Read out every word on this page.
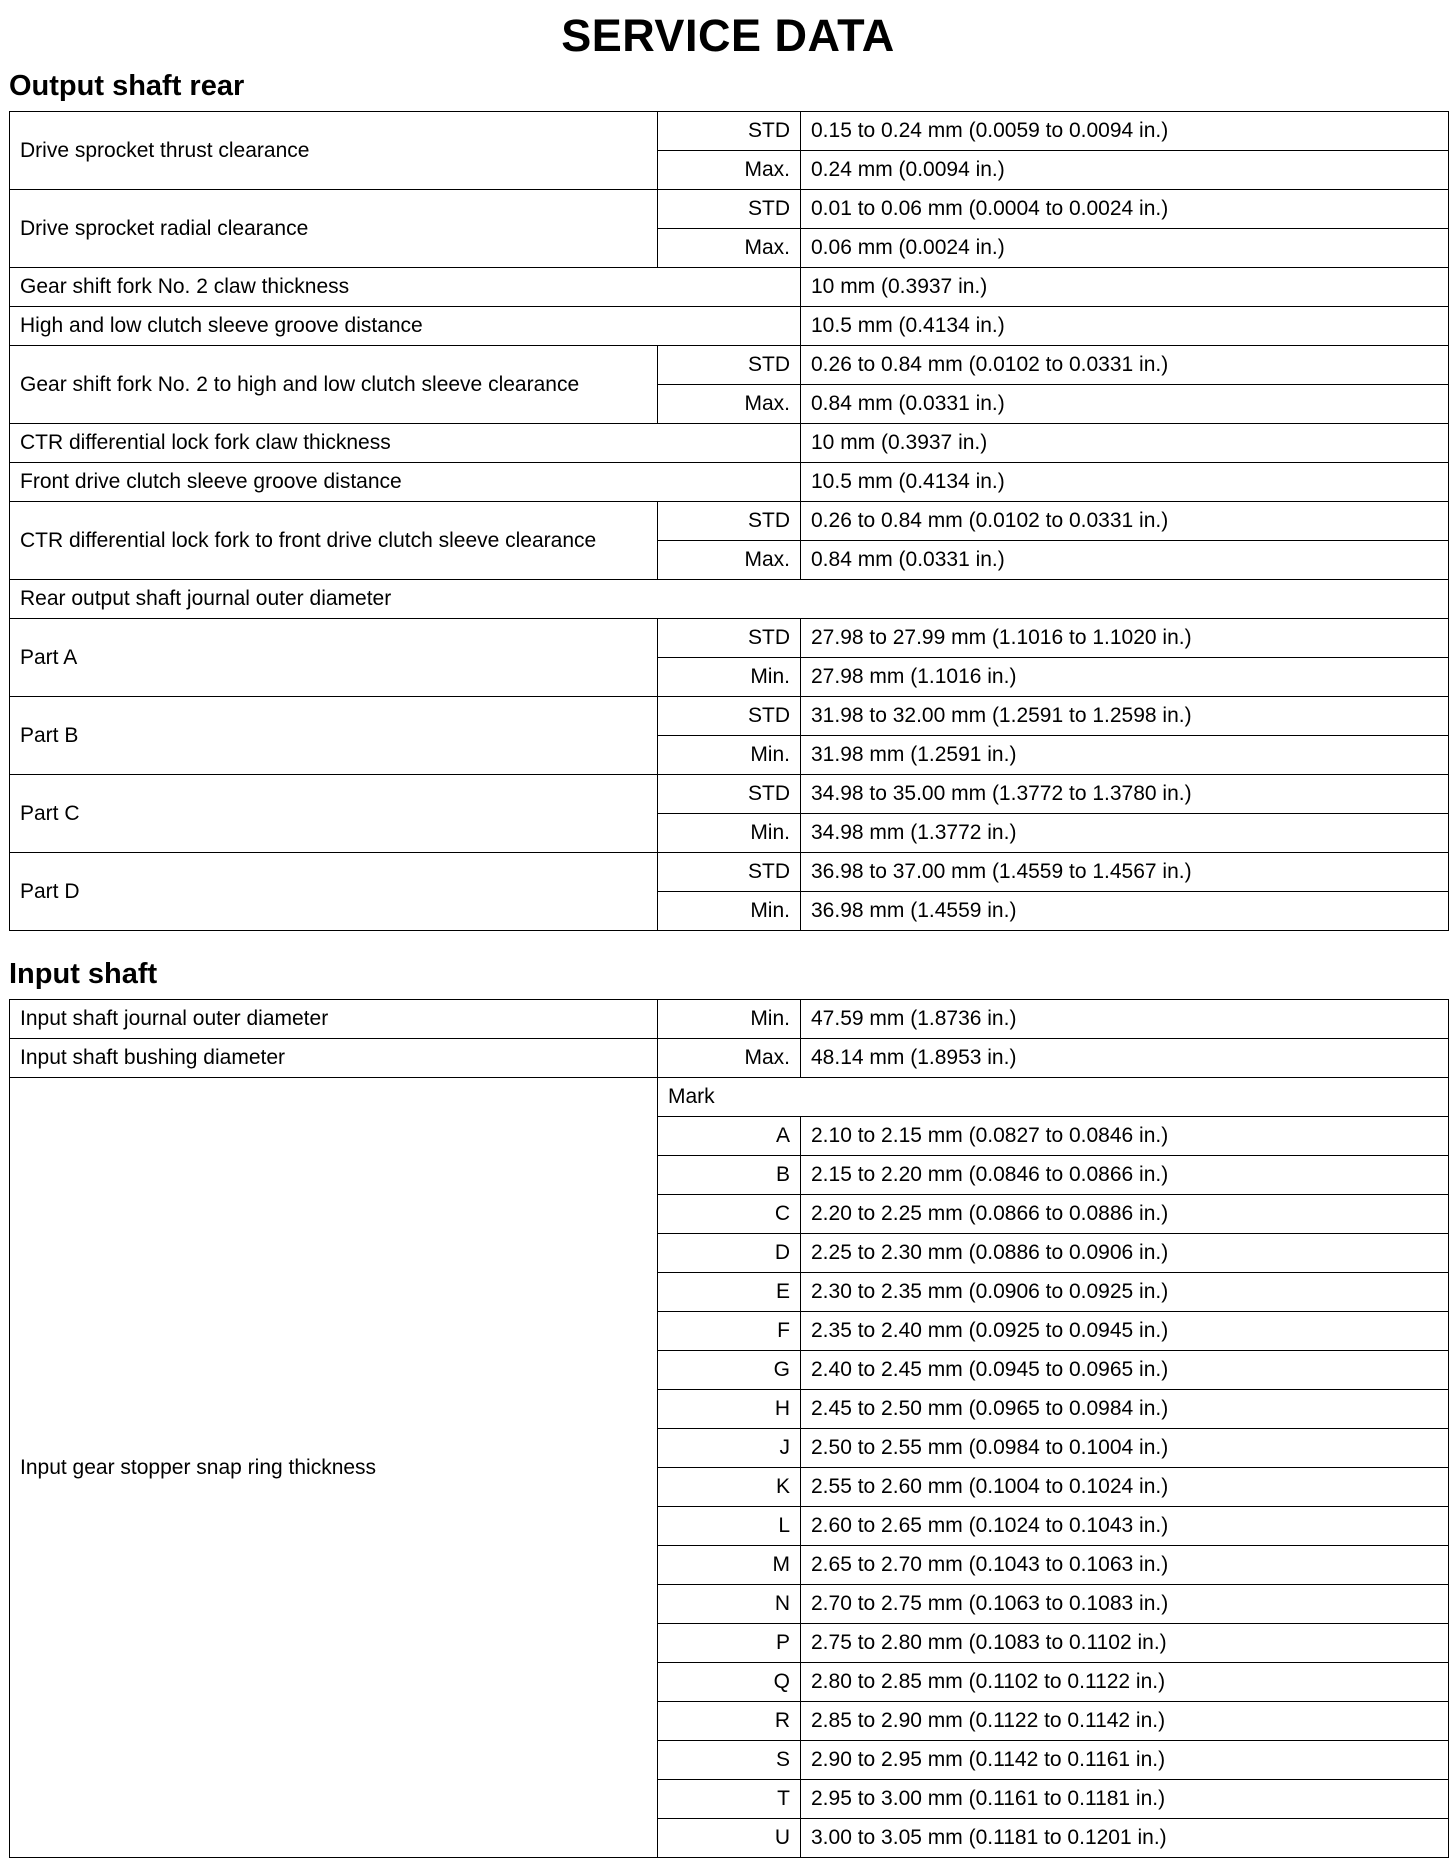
SERVICE DATA
Output shaft rear
Drive sprocket thrust clearance	STD	0.15 to 0.24 mm (0.0059 to 0.0094 in.)
	Max.	0.24 mm (0.0094 in.)
Drive sprocket radial clearance	STD	0.01 to 0.06 mm (0.0004 to 0.0024 in.)
	Max.	0.06 mm (0.0024 in.)
Gear shift fork No. 2 claw thickness		10 mm (0.3937 in.)
High and low clutch sleeve groove distance		10.5 mm (0.4134 in.)
Gear shift fork No. 2 to high and low clutch sleeve clearance	STD	0.26 to 0.84 mm (0.0102 to 0.0331 in.)
	Max.	0.84 mm (0.0331 in.)
CTR differential lock fork claw thickness		10 mm (0.3937 in.)
Front drive clutch sleeve groove distance		10.5 mm (0.4134 in.)
CTR differential lock fork to front drive clutch sleeve clearance	STD	0.26 to 0.84 mm (0.0102 to 0.0331 in.)
	Max.	0.84 mm (0.0331 in.)
Rear output shaft journal outer diameter		
Part A	STD	27.98 to 27.99 mm (1.1016 to 1.1020 in.)
	Min.	27.98 mm (1.1016 in.)
Part B	STD	31.98 to 32.00 mm (1.2591 to 1.2598 in.)
	Min.	31.98 mm (1.2591 in.)
Part C	STD	34.98 to 35.00 mm (1.3772 to 1.3780 in.)
	Min.	34.98 mm (1.3772 in.)
Part D	STD	36.98 to 37.00 mm (1.4559 to 1.4567 in.)
	Min.	36.98 mm (1.4559 in.)
Input shaft
Input shaft journal outer diameter	Min.	47.59 mm (1.8736 in.)
Input shaft bushing diameter	Max.	48.14 mm (1.8953 in.)
Input gear stopper snap ring thickness	Mark	
	A	2.10 to 2.15 mm (0.0827 to 0.0846 in.)
	B	2.15 to 2.20 mm (0.0846 to 0.0866 in.)
	C	2.20 to 2.25 mm (0.0866 to 0.0886 in.)
	D	2.25 to 2.30 mm (0.0886 to 0.0906 in.)
	E	2.30 to 2.35 mm (0.0906 to 0.0925 in.)
	F	2.35 to 2.40 mm (0.0925 to 0.0945 in.)
	G	2.40 to 2.45 mm (0.0945 to 0.0965 in.)
	H	2.45 to 2.50 mm (0.0965 to 0.0984 in.)
	J	2.50 to 2.55 mm (0.0984 to 0.1004 in.)
	K	2.55 to 2.60 mm (0.1004 to 0.1024 in.)
	L	2.60 to 2.65 mm (0.1024 to 0.1043 in.)
	M	2.65 to 2.70 mm (0.1043 to 0.1063 in.)
	N	2.70 to 2.75 mm (0.1063 to 0.1083 in.)
	P	2.75 to 2.80 mm (0.1083 to 0.1102 in.)
	Q	2.80 to 2.85 mm (0.1102 to 0.1122 in.)
	R	2.85 to 2.90 mm (0.1122 to 0.1142 in.)
	S	2.90 to 2.95 mm (0.1142 to 0.1161 in.)
	T	2.95 to 3.00 mm (0.1161 to 0.1181 in.)
	U	3.00 to 3.05 mm (0.1181 to 0.1201 in.)
